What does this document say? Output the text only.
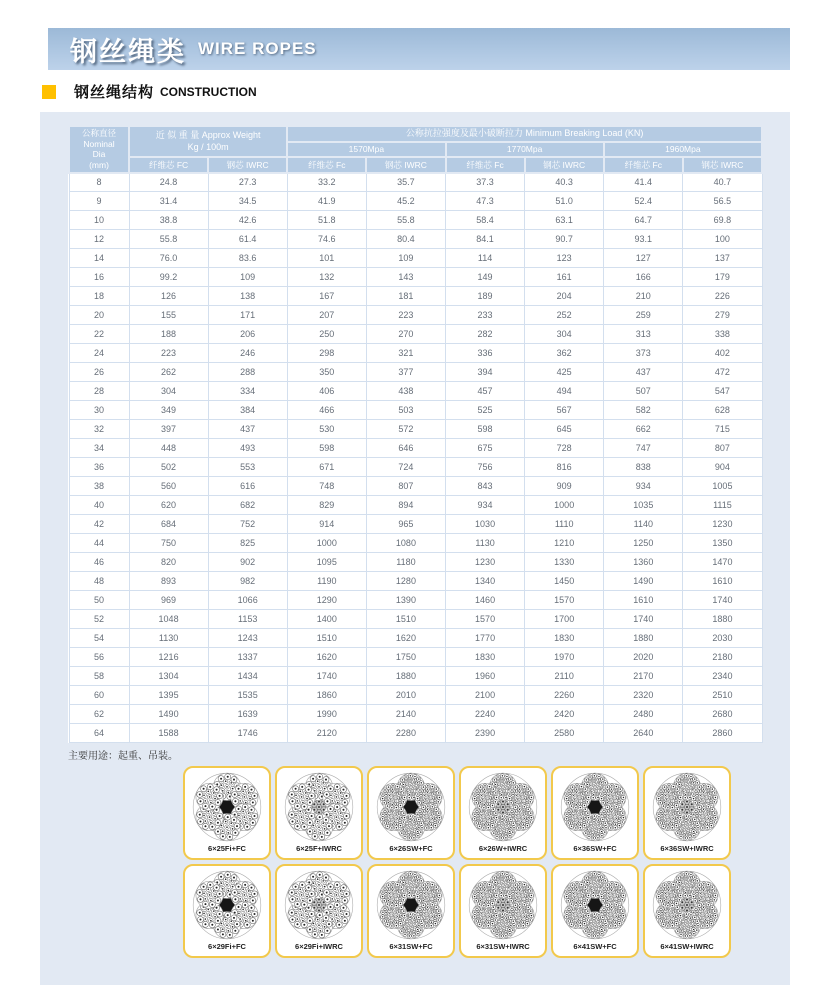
钢丝绳类 WIRE ROPES
钢丝绳结构 CONSTRUCTION
公称直径
Nominal
Dia
(mm)	近 似 重 量 Approx Weight
Kg / 100m		公称抗拉强度及最小破断拉力 Minimum Breaking Load (KN)					
			1570Mpa		1770Mpa		1960Mpa	
	纤维芯 FC	钢芯 IWRC	纤维芯 Fc	钢芯 IWRC	纤维芯 Fc	钢芯 IWRC	纤维芯 Fc	钢芯 IWRC
8	24.8	27.3	33.2	35.7	37.3	40.3	41.4	40.7
9	31.4	34.5	41.9	45.2	47.3	51.0	52.4	56.5
10	38.8	42.6	51.8	55.8	58.4	63.1	64.7	69.8
12	55.8	61.4	74.6	80.4	84.1	90.7	93.1	100
14	76.0	83.6	101	109	114	123	127	137
16	99.2	109	132	143	149	161	166	179
18	126	138	167	181	189	204	210	226
20	155	171	207	223	233	252	259	279
22	188	206	250	270	282	304	313	338
24	223	246	298	321	336	362	373	402
26	262	288	350	377	394	425	437	472
28	304	334	406	438	457	494	507	547
30	349	384	466	503	525	567	582	628
32	397	437	530	572	598	645	662	715
34	448	493	598	646	675	728	747	807
36	502	553	671	724	756	816	838	904
38	560	616	748	807	843	909	934	1005
40	620	682	829	894	934	1000	1035	1115
42	684	752	914	965	1030	1110	1140	1230
44	750	825	1000	1080	1130	1210	1250	1350
46	820	902	1095	1180	1230	1330	1360	1470
48	893	982	1190	1280	1340	1450	1490	1610
50	969	1066	1290	1390	1460	1570	1610	1740
52	1048	1153	1400	1510	1570	1700	1740	1880
54	1130	1243	1510	1620	1770	1830	1880	2030
56	1216	1337	1620	1750	1830	1970	2020	2180
58	1304	1434	1740	1880	1960	2110	2170	2340
60	1395	1535	1860	2010	2100	2260	2320	2510
62	1490	1639	1990	2140	2240	2420	2480	2680
64	1588	1746	2120	2280	2390	2580	2640	2860
主要用途：起重、吊装。
6×25Fi+FC	6×25F+IWRC	6×26SW+FC	6×26W+IWRC	6×36SW+FC	6×36SW+IWRC
6×29Fi+FC	6×29Fi+IWRC	6×31SW+FC	6×31SW+IWRC	6×41SW+FC	6×41SW+IWRC
